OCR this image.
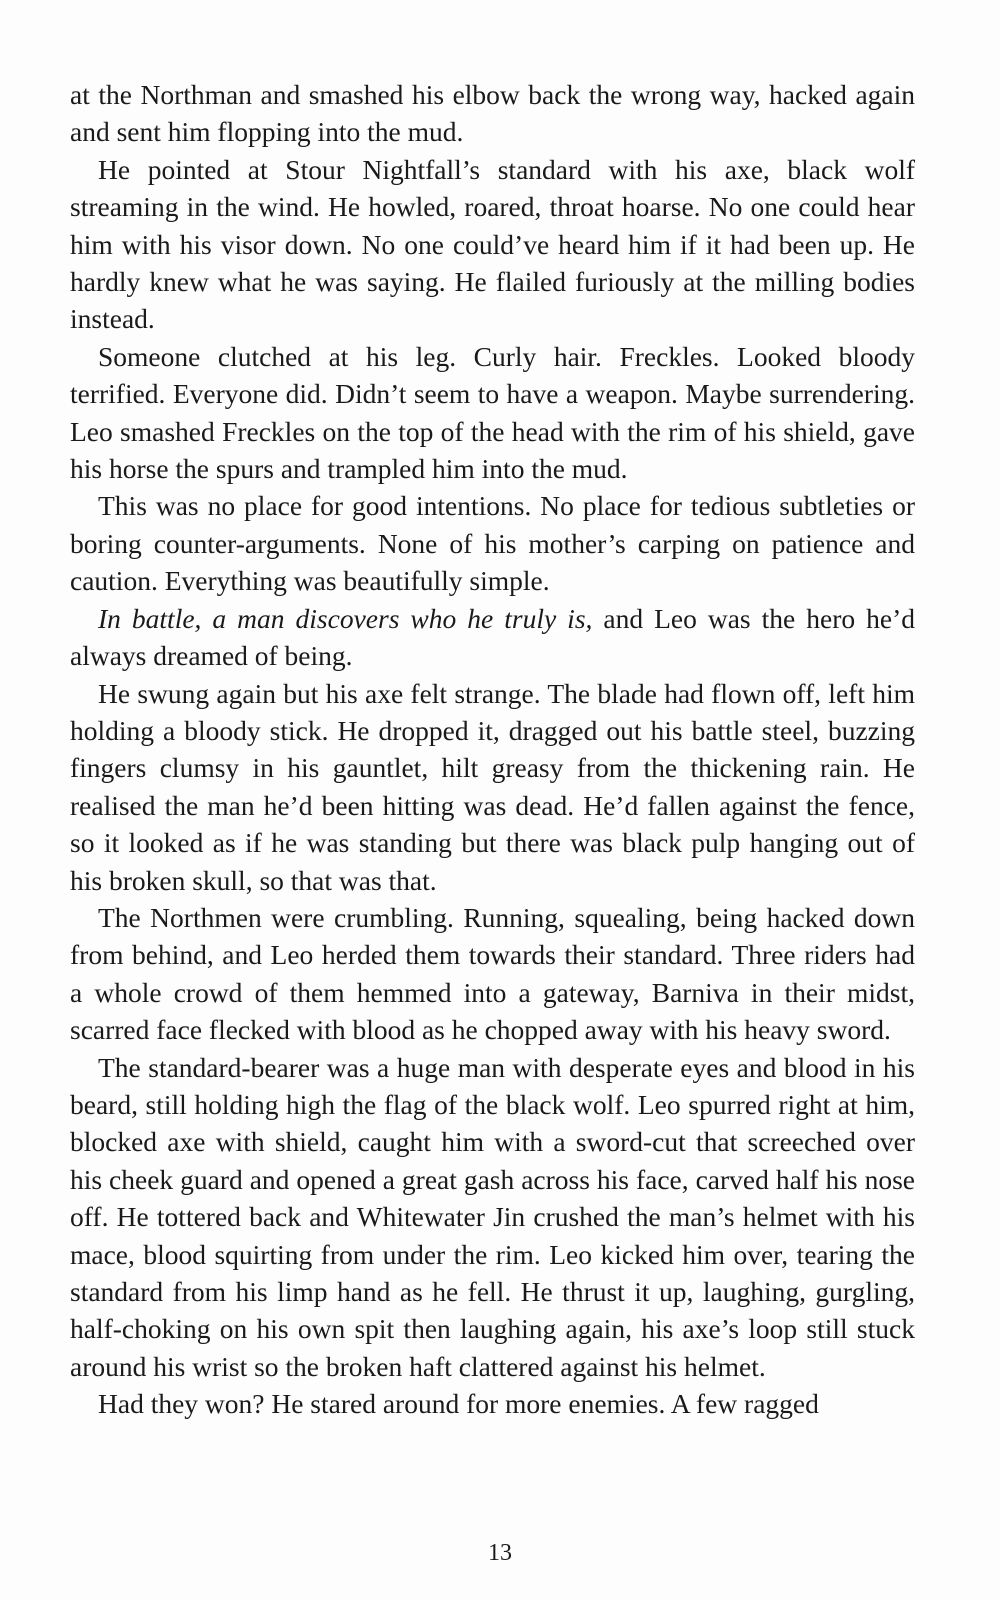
at the Northman and smashed his elbow back the wrong way, hacked again and sent him flopping into the mud.

He pointed at Stour Nightfall’s standard with his axe, black wolf streaming in the wind. He howled, roared, throat hoarse. No one could hear him with his visor down. No one could’ve heard him if it had been up. He hardly knew what he was saying. He flailed furiously at the milling bodies instead.

Someone clutched at his leg. Curly hair. Freckles. Looked bloody terrified. Everyone did. Didn’t seem to have a weapon. Maybe surrendering. Leo smashed Freckles on the top of the head with the rim of his shield, gave his horse the spurs and trampled him into the mud.

This was no place for good intentions. No place for tedious subtleties or boring counter-arguments. None of his mother’s carping on patience and caution. Everything was beautifully simple.

In battle, a man discovers who he truly is, and Leo was the hero he’d always dreamed of being.

He swung again but his axe felt strange. The blade had flown off, left him holding a bloody stick. He dropped it, dragged out his battle steel, buzzing fingers clumsy in his gauntlet, hilt greasy from the thickening rain. He realised the man he’d been hitting was dead. He’d fallen against the fence, so it looked as if he was standing but there was black pulp hanging out of his broken skull, so that was that.

The Northmen were crumbling. Running, squealing, being hacked down from behind, and Leo herded them towards their standard. Three riders had a whole crowd of them hemmed into a gateway, Barniva in their midst, scarred face flecked with blood as he chopped away with his heavy sword.

The standard-bearer was a huge man with desperate eyes and blood in his beard, still holding high the flag of the black wolf. Leo spurred right at him, blocked axe with shield, caught him with a sword-cut that screeched over his cheek guard and opened a great gash across his face, carved half his nose off. He tottered back and Whitewater Jin crushed the man’s helmet with his mace, blood squirting from under the rim. Leo kicked him over, tearing the standard from his limp hand as he fell. He thrust it up, laughing, gurgling, half-choking on his own spit then laughing again, his axe’s loop still stuck around his wrist so the broken haft clattered against his helmet.

Had they won? He stared around for more enemies. A few ragged

13
